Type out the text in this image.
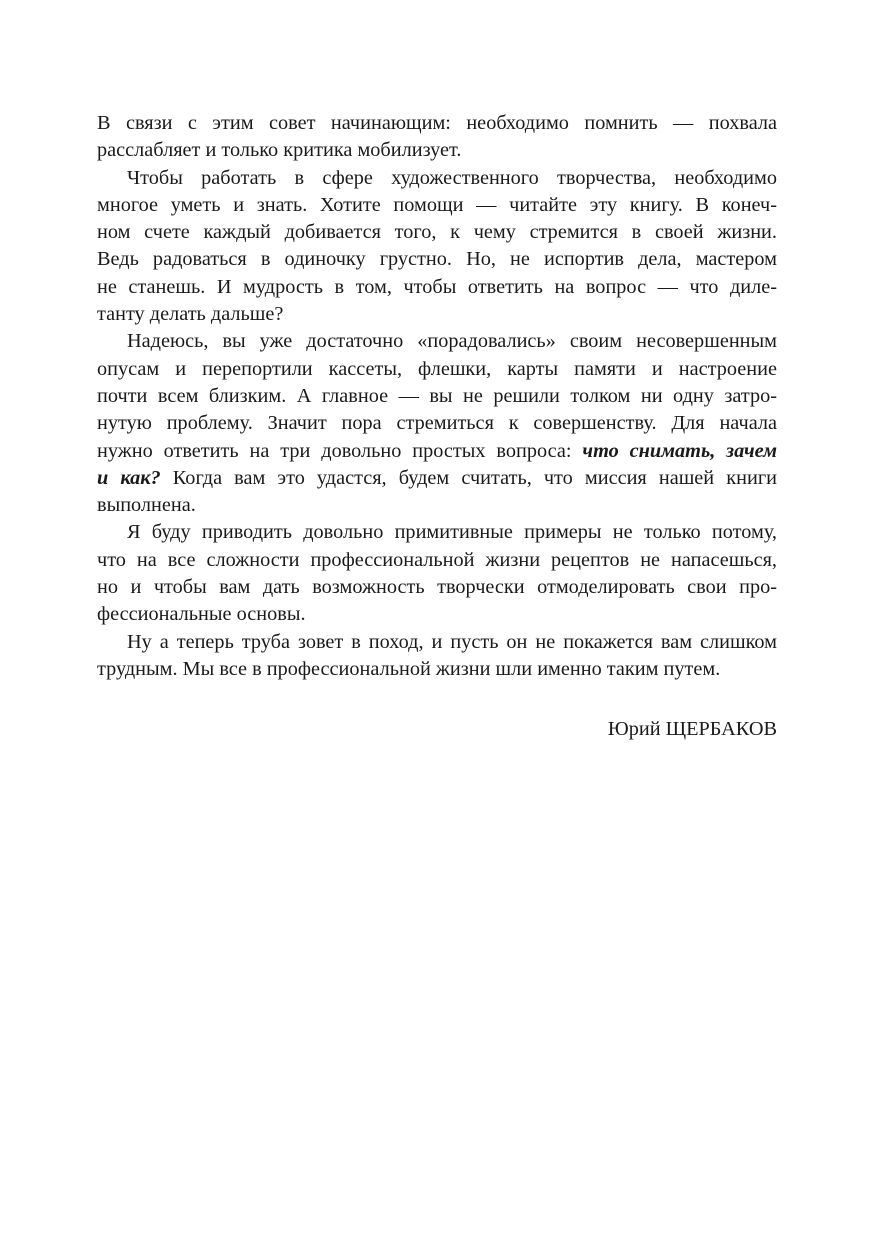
В связи с этим совет начинающим: необходимо помнить — похвала
расслабляет и только критика мобилизует.
Чтобы работать в сфере художественного творчества, необходимо
многое уметь и знать. Хотите помощи — читайте эту книгу. В конеч-
ном счете каждый добивается того, к чему стремится в своей жизни.
Ведь радоваться в одиночку грустно. Но, не испортив дела, мастером
не станешь. И мудрость в том, чтобы ответить на вопрос — что диле-
танту делать дальше?
Надеюсь, вы уже достаточно «порадовались» своим несовершенным
опусам и перепортили кассеты, флешки, карты памяти и настроение
почти всем близким. А главное — вы не решили толком ни одну затро-
нутую проблему. Значит пора стремиться к совершенству. Для начала
нужно ответить на три довольно простых вопроса: что снимать, зачем
и как? Когда вам это удастся, будем считать, что миссия нашей книги
выполнена.
Я буду приводить довольно примитивные примеры не только потому,
что на все сложности профессиональной жизни рецептов не напасешься,
но и чтобы вам дать возможность творчески отмоделировать свои про-
фессиональные основы.
Ну а теперь труба зовет в поход, и пусть он не покажется вам слишком
трудным. Мы все в профессиональной жизни шли именно таким путем.
Юрий ЩЕРБАКОВ
